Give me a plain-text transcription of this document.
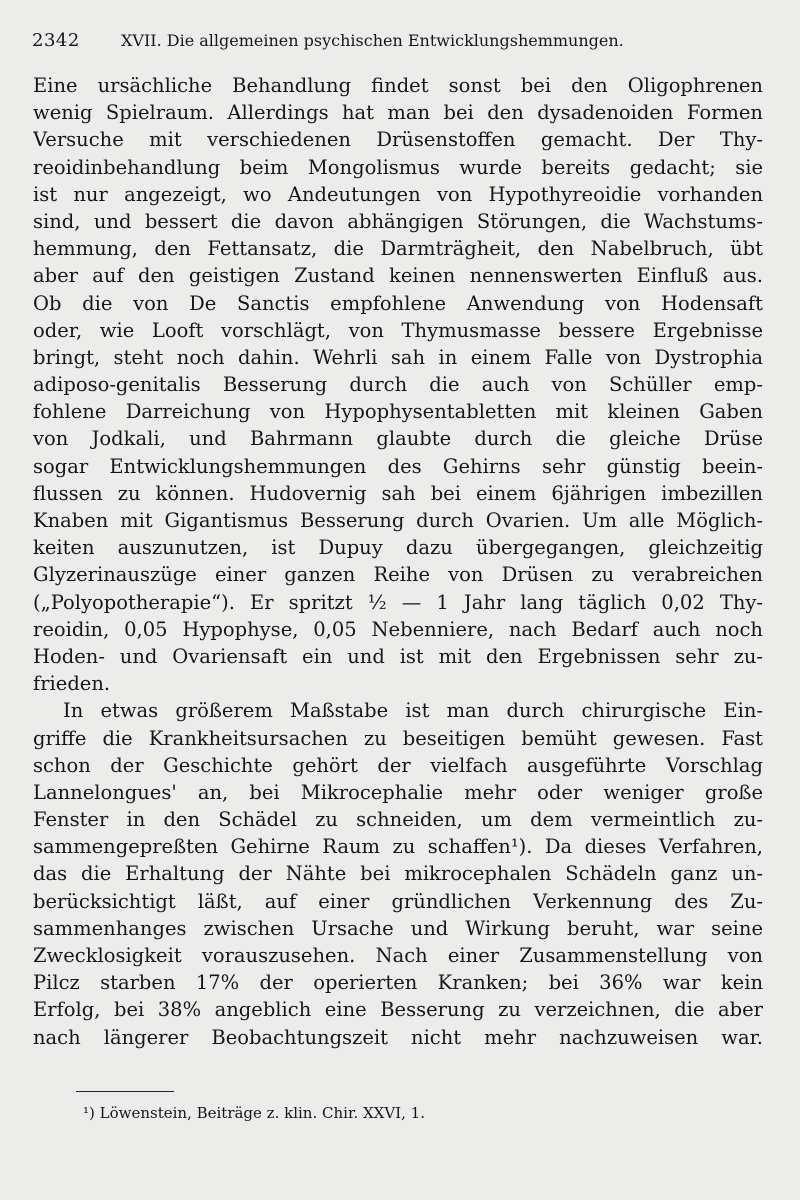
2342	XVII. Die allgemeinen psychischen Entwicklungshemmungen.
Eine ursächliche Behandlung findet sonst bei den Oligophrenen
wenig Spielraum. Allerdings hat man bei den dysadenoiden Formen
Versuche mit verschiedenen Drüsenstoffen gemacht. Der Thy-
reoidinbehandlung beim Mongolismus wurde bereits gedacht; sie
ist nur angezeigt, wo Andeutungen von Hypothyreoidie vorhanden
sind, und bessert die davon abhängigen Störungen, die Wachstums-
hemmung, den Fettansatz, die Darmträgheit, den Nabelbruch, übt
aber auf den geistigen Zustand keinen nennenswerten Einfluß aus.
Ob die von De Sanctis empfohlene Anwendung von Hodensaft
oder, wie Looft vorschlägt, von Thymusmasse bessere Ergebnisse
bringt, steht noch dahin. Wehrli sah in einem Falle von Dystrophia
adiposo-genitalis Besserung durch die auch von Schüller emp-
fohlene Darreichung von Hypophysentabletten mit kleinen Gaben
von Jodkali, und Bahrmann glaubte durch die gleiche Drüse
sogar Entwicklungshemmungen des Gehirns sehr günstig beein-
flussen zu können. Hudovernig sah bei einem 6jährigen imbezillen
Knaben mit Gigantismus Besserung durch Ovarien. Um alle Möglich-
keiten auszunutzen, ist Dupuy dazu übergegangen, gleichzeitig
Glyzerinauszüge einer ganzen Reihe von Drüsen zu verabreichen
(„Polyopotherapie“). Er spritzt ½ — 1 Jahr lang täglich 0,02 Thy-
reoidin, 0,05 Hypophyse, 0,05 Nebenniere, nach Bedarf auch noch
Hoden- und Ovariensaft ein und ist mit den Ergebnissen sehr zu-
frieden.
In etwas größerem Maßstabe ist man durch chirurgische Ein-
griffe die Krankheitsursachen zu beseitigen bemüht gewesen. Fast
schon der Geschichte gehört der vielfach ausgeführte Vorschlag
Lannelongues' an, bei Mikrocephalie mehr oder weniger große
Fenster in den Schädel zu schneiden, um dem vermeintlich zu-
sammengepreßten Gehirne Raum zu schaffen¹). Da dieses Verfahren,
das die Erhaltung der Nähte bei mikrocephalen Schädeln ganz un-
berücksichtigt läßt, auf einer gründlichen Verkennung des Zu-
sammenhanges zwischen Ursache und Wirkung beruht, war seine
Zwecklosigkeit vorauszusehen. Nach einer Zusammenstellung von
Pilcz starben 17% der operierten Kranken; bei 36% war kein
Erfolg, bei 38% angeblich eine Besserung zu verzeichnen, die aber
nach längerer Beobachtungszeit nicht mehr nachzuweisen war.
¹) Löwenstein, Beiträge z. klin. Chir. XXVI, 1.
